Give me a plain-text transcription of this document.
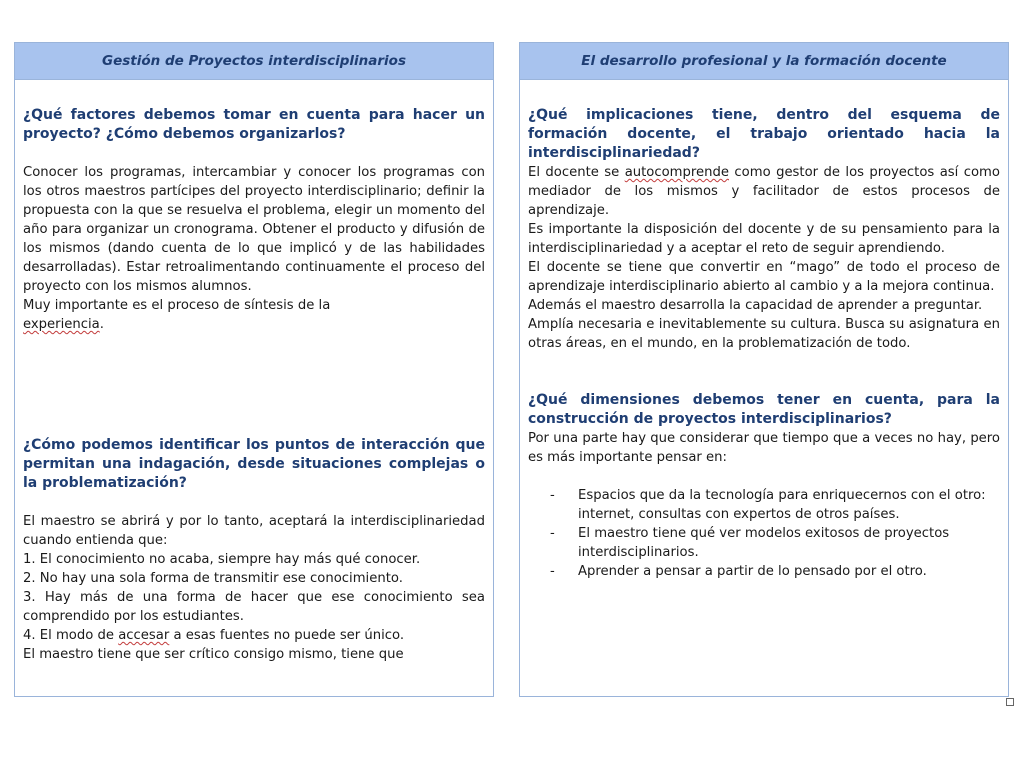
Gestión de Proyectos interdisciplinarios

¿Qué factores debemos tomar en cuenta para hacer un proyecto? ¿Cómo debemos organizarlos?

Conocer los programas, intercambiar y conocer los programas con los otros maestros partícipes del proyecto interdisciplinario; definir la propuesta con la que se resuelva el problema, elegir un momento del año para organizar un cronograma. Obtener el producto y difusión de los mismos (dando cuenta de lo que implicó y de las habilidades desarrolladas). Estar retroalimentando continuamente el proceso del proyecto con los mismos alumnos.

Muy importante es el proceso de síntesis de la
experiencia.

¿Cómo podemos identificar los puntos de interacción que permitan una indagación, desde situaciones complejas o la problematización?

El maestro se abrirá y por lo tanto, aceptará la interdisciplinariedad cuando entienda que:

1. El conocimiento no acaba, siempre hay más qué conocer.

2. No hay una sola forma de transmitir ese conocimiento.

3. Hay más de una forma de hacer que ese conocimiento sea comprendido por los estudiantes.

4. El modo de accesar a esas fuentes no puede ser único.

El maestro tiene que ser crítico consigo mismo, tiene que

El desarrollo profesional y la formación docente

¿Qué implicaciones tiene, dentro del esquema de formación docente, el trabajo orientado hacia la interdisciplinariedad?

El docente se autocomprende como gestor de los proyectos así como mediador de los mismos y facilitador de estos procesos de aprendizaje.

Es importante la disposición del docente y de su pensamiento para la interdisciplinariedad y a aceptar el reto de seguir aprendiendo.

El docente se tiene que convertir en “mago” de todo el proceso de aprendizaje interdisciplinario abierto al cambio y a la mejora continua.

Además el maestro desarrolla la capacidad de aprender a preguntar.

Amplía necesaria e inevitablemente su cultura. Busca su asignatura en otras áreas, en el mundo, en la problematización de todo.

¿Qué dimensiones debemos tener en cuenta, para la construcción de proyectos interdisciplinarios?

Por una parte hay que considerar que tiempo que a veces no hay, pero es más importante pensar en:

- Espacios que da la tecnología para enriquecernos con el otro: internet, consultas con expertos de otros países.
- El maestro tiene qué ver modelos exitosos de proyectos interdisciplinarios.
- Aprender a pensar a partir de lo pensado por el otro.
